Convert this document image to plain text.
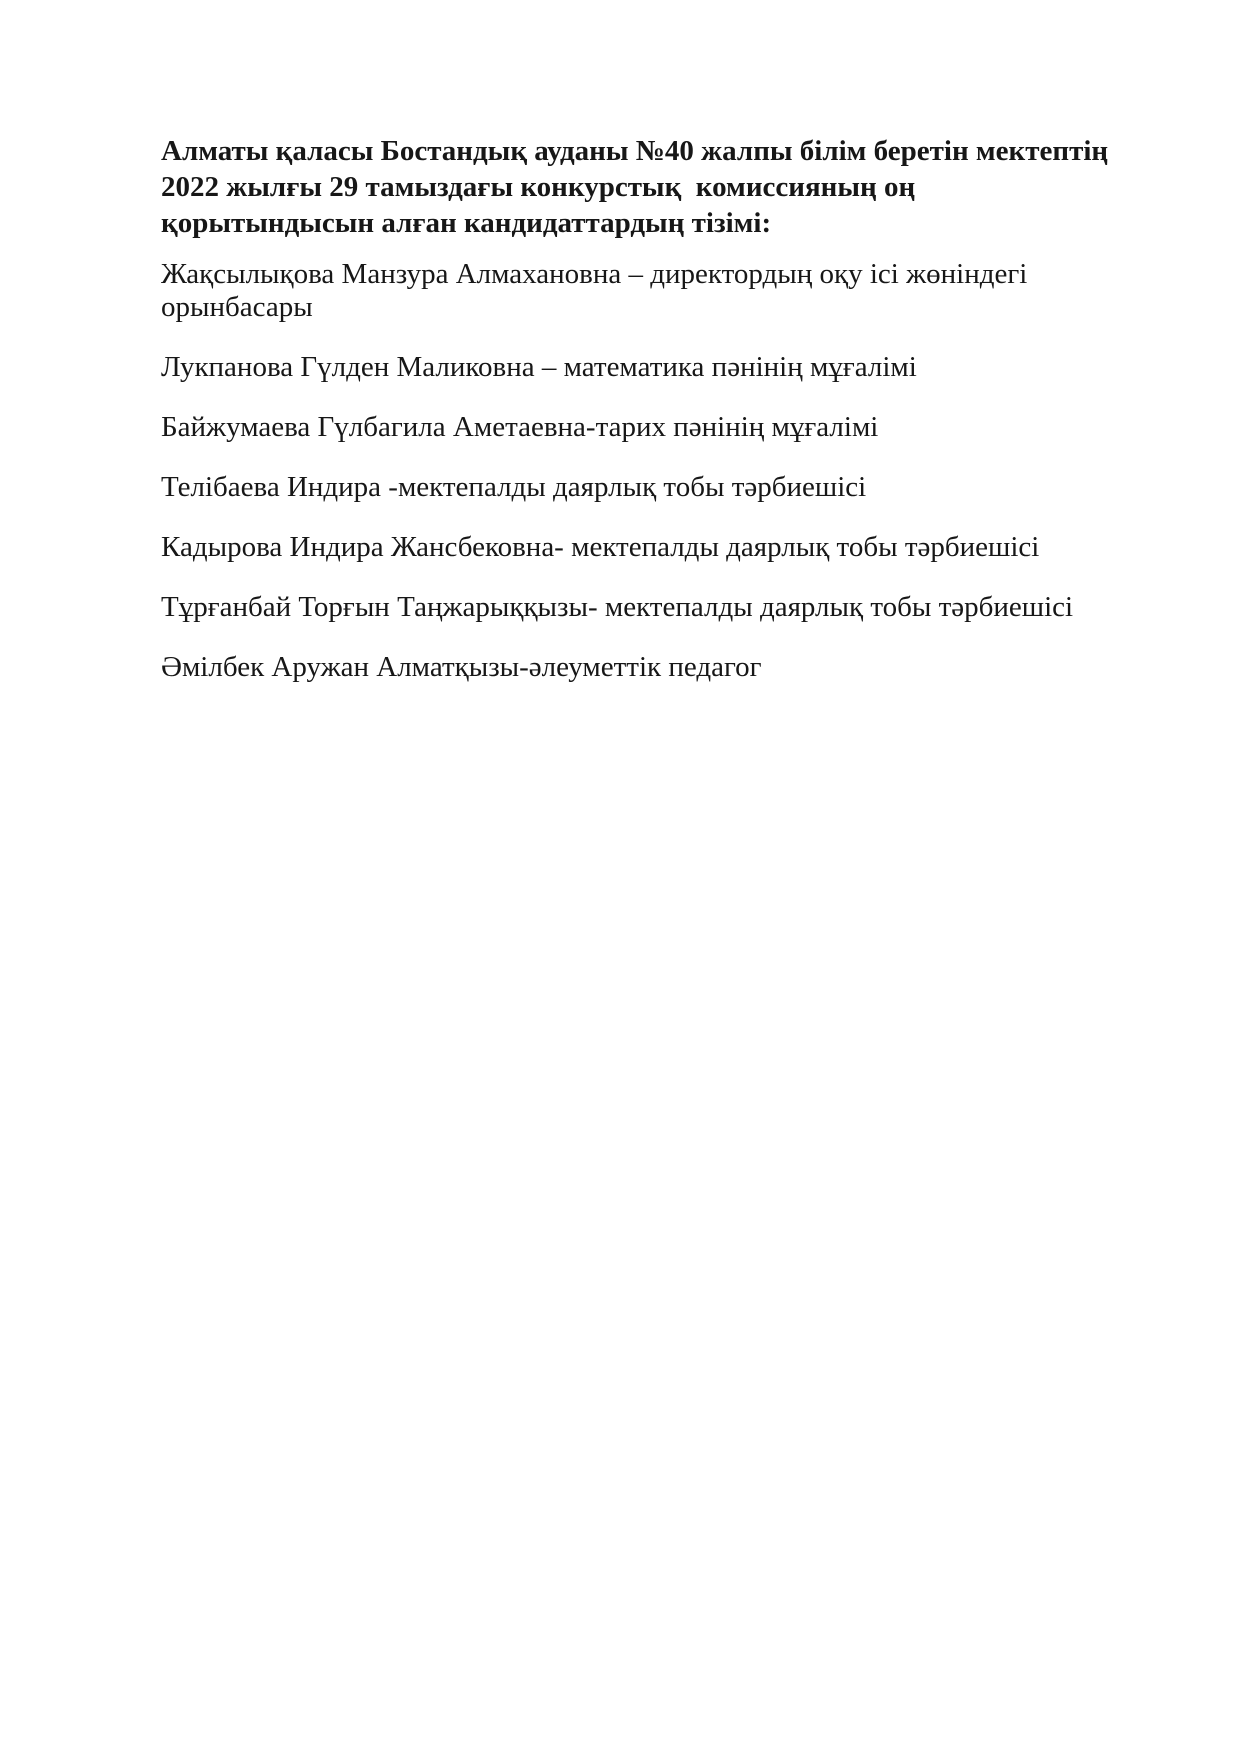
Алматы қаласы Бостандық ауданы №40 жалпы білім беретін мектептің
2022 жылғы 29 тамыздағы конкурстық  комиссияның оң
қорытындысын алған кандидаттардың тізімі:

Жақсылықова Манзура Алмахановна – директордың оқу ісі жөніндегі
орынбасары

Лукпанова Гүлден Маликовна – математика пәнінің мұғалімі

Байжумаева Гүлбагила Аметаевна-тарих пәнінің мұғалімі

Телібаева Индира -мектепалды даярлық тобы тәрбиешісі

Кадырова Индира Жансбековна- мектепалды даярлық тобы тәрбиешісі

Тұрғанбай Торғын Таңжарыққызы- мектепалды даярлық тобы тәрбиешісі

Әмілбек Аружан Алматқызы-әлеуметтік педагог
